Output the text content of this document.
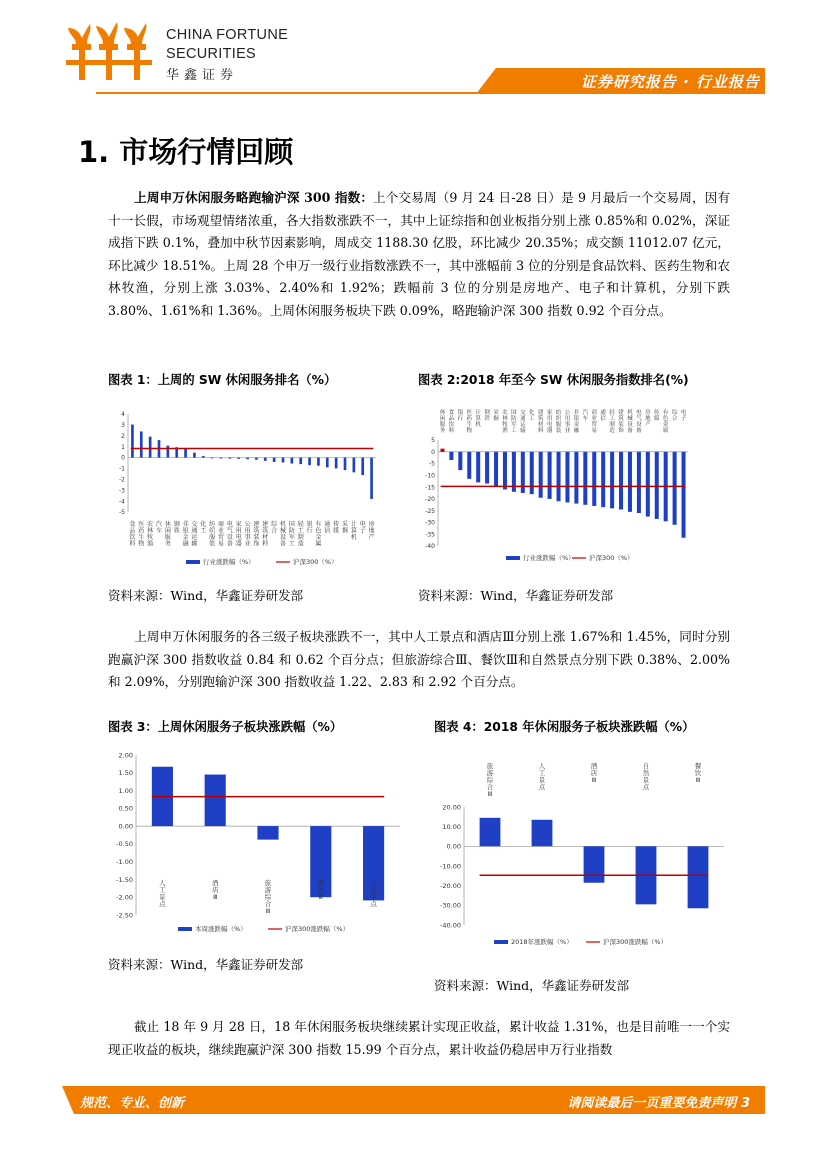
CHINA FORTUNE
SECURITIES
华鑫证券	证券研究报告 · 行业报告
1. 市场行情回顾
上周申万休闲服务略跑输沪深 300 指数：上个交易周（9 月 24 日-28 日）是 9 月最后一个交易周，因有十一长假，市场观望情绪浓重，各大指数涨跌不一，其中上证综指和创业板指分别上涨 0.85%和 0.02%，深证成指下跌 0.1%，叠加中秋节因素影响，周成交 1188.30 亿股，环比减少 20.35%；成交额 11012.07 亿元，环比减少 18.51%。上周 28 个申万一级行业指数涨跌不一，其中涨幅前 3 位的分别是食品饮料、医药生物和农林牧渔，分别上涨 3.03%、2.40%和 1.92%；跌幅前 3 位的分别是房地产、电子和计算机，分别下跌 3.80%、1.61%和 1.36%。上周休闲服务板块下跌 0.09%，略跑输沪深 300 指数 0.92 个百分点。
图表 1：上周的 SW 休闲服务排名（%）	图表 2:2018 年至今 SW 休闲服务指数排名(%)
4
3
2
1
0
-1
-2
-3
-4
-5
食
品
饮
料
医
药
生
物
农
林
牧
渔
汽
车
休
闲
服
务
钢
铁
非
银
金
融
交
通
运
输
化
工
纺
织
服
装
商
业
贸
易
电
气
设
备
家
用
电
器
公
用
事
业
建
筑
装
饰
建
筑
材
料
综
合
机
械
设
备
国
防
军
工
轻
工
制
造
银
行
有
色
金
属
通
信
传
媒
采
掘
计
算
机
电
子
房
地
产
行业涨跌幅（%）	沪深300（%）
5
0
-5
-10
-15
-20
-25
-30
-35
-40
休
闲
服
务
食
品
饮
料
银
行
医
药
生
物
计
算
机
钢
铁
采
掘
农
林
牧
渔
国
防
军
工
交
通
运
输
化
工
建
筑
材
料
家
用
电
器
纺
织
服
装
公
用
事
业
非
银
金
融
汽
车
商
业
贸
易
通
信
轻
工
制
造
建
筑
装
饰
机
械
设
备
电
气
设
备
房
地
产
传
媒
有
色
金
属
综
合
电
子
行业涨跌幅（%） 沪深300（%）
资料来源：Wind，华鑫证券研发部	资料来源：Wind，华鑫证券研发部
上周申万休闲服务的各三级子板块涨跌不一，其中人工景点和酒店Ⅲ分别上涨 1.67%和 1.45%，同时分别跑赢沪深 300 指数收益 0.84 和 0.62 个百分点；但旅游综合Ⅲ、餐饮Ⅲ和自然景点分别下跌 0.38%、2.00%和 2.09%，分别跑输沪深 300 指数收益 1.22、2.83 和 2.92 个百分点。
图表 3：上周休闲服务子板块涨跌幅（%）	图表 4：2018 年休闲服务子板块涨跌幅（%）
2.00
1.50
1.00
0.50
0.00
-0.50
-1.00
-1.50
-2.00
-2.50
人
工
景
点
酒
店
Ⅲ
旅
游
综
合
Ⅲ
餐
饮
Ⅲ
自
然
景
点
本周涨跌幅（%）	沪深300涨跌幅（%）
20.00
10.00
0.00
-10.00
-20.00
-30.00
-40.00
旅
游
综
合
Ⅲ
人
工
景
点
酒
店
Ⅲ
自
然
景
点
餐
饮
Ⅲ
2018年涨跌幅（%）	沪深300涨跌幅（%）
资料来源：Wind，华鑫证券研发部
资料来源：Wind，华鑫证券研发部
截止 18 年 9 月 28 日，18 年休闲服务板块继续累计实现正收益，累计收益 1.31%，也是目前唯一一个实现正收益的板块，继续跑赢沪深 300 指数 15.99 个百分点，累计收益仍稳居申万行业指数
规范、专业、创新	请阅读最后一页重要免责声明 3
